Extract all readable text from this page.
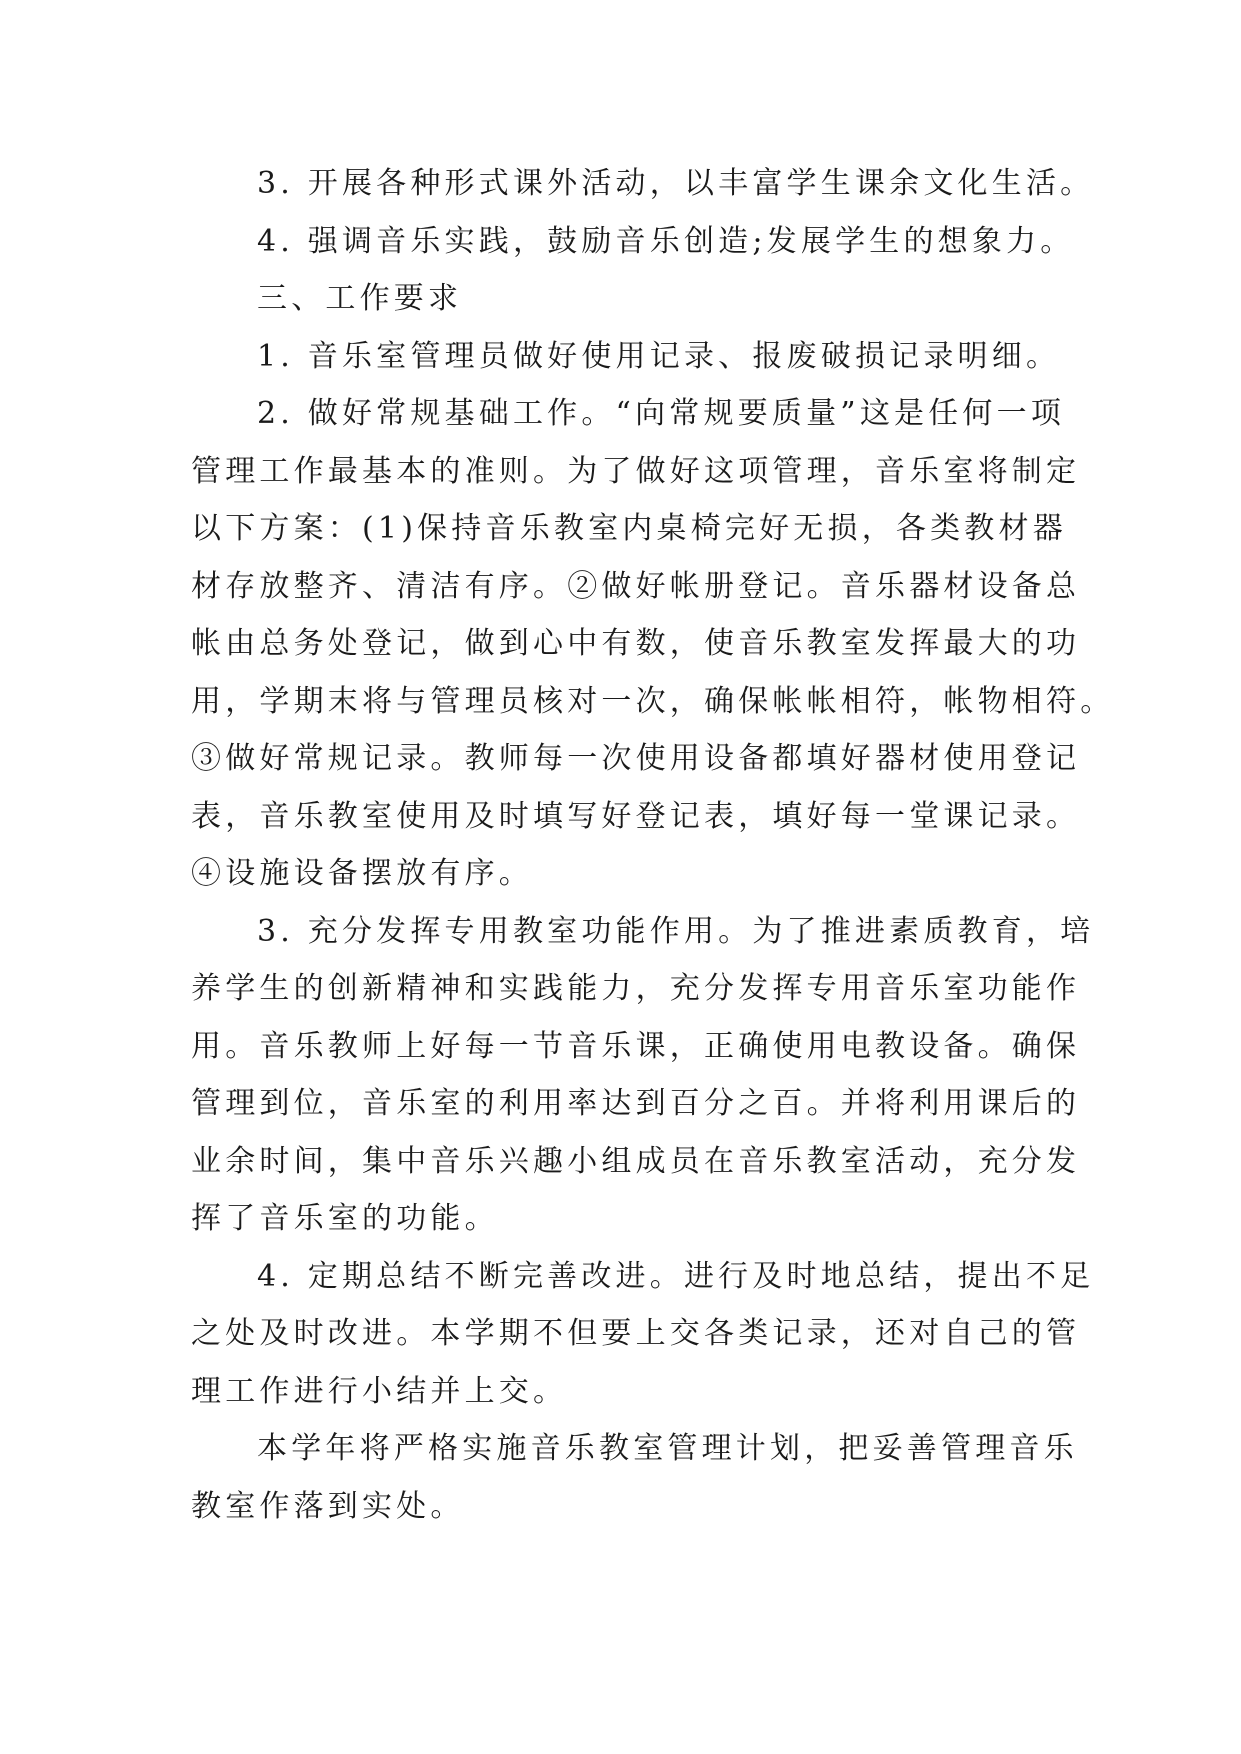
3. 开展各种形式课外活动，以丰富学生课余文化生活。

4. 强调音乐实践，鼓励音乐创造;发展学生的想象力。

三、工作要求

1. 音乐室管理员做好使用记录、报废破损记录明细。

2. 做好常规基础工作。“向常规要质量”这是任何一项
管理工作最基本的准则。为了做好这项管理，音乐室将制定
以下方案：(1)保持音乐教室内桌椅完好无损，各类教材器
材存放整齐、清洁有序。②做好帐册登记。音乐器材设备总
帐由总务处登记，做到心中有数，使音乐教室发挥最大的功
用，学期末将与管理员核对一次，确保帐帐相符，帐物相符。
③做好常规记录。教师每一次使用设备都填好器材使用登记
表，音乐教室使用及时填写好登记表，填好每一堂课记录。
④设施设备摆放有序。
3. 充分发挥专用教室功能作用。为了推进素质教育，培
养学生的创新精神和实践能力，充分发挥专用音乐室功能作
用。音乐教师上好每一节音乐课，正确使用电教设备。确保
管理到位，音乐室的利用率达到百分之百。并将利用课后的
业余时间，集中音乐兴趣小组成员在音乐教室活动，充分发
挥了音乐室的功能。
4. 定期总结不断完善改进。进行及时地总结，提出不足
之处及时改进。本学期不但要上交各类记录，还对自己的管
理工作进行小结并上交。
本学年将严格实施音乐教室管理计划，把妥善管理音乐
教室作落到实处。
